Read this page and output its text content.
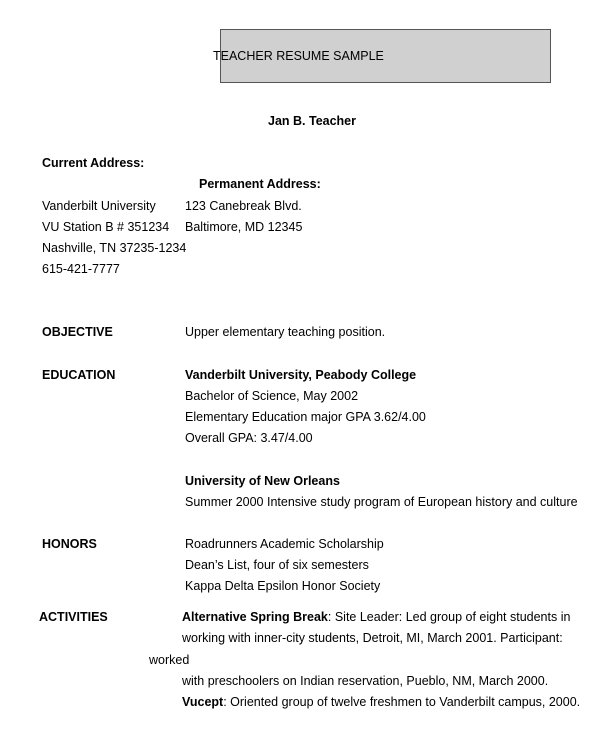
TEACHER RESUME SAMPLE
Jan B. Teacher
Current Address:
Permanent Address:
Vanderbilt University 123 Canebreak Blvd.
VU Station B # 351234 Baltimore, MD 12345
Nashville, TN 37235-1234
615-421-7777
OBJECTIVE	Upper elementary teaching position.
EDUCATION	Vanderbilt University, Peabody College
Bachelor of Science, May 2002
Elementary Education major GPA 3.62/4.00
Overall GPA: 3.47/4.00
University of New Orleans
Summer 2000 Intensive study program of European history and culture
HONORS	Roadrunners Academic Scholarship
Dean’s List, four of six semesters
Kappa Delta Epsilon Honor Society
ACTIVITIES	Alternative Spring Break: Site Leader: Led group of eight students in
working with inner-city students, Detroit, MI, March 2001. Participant:
worked
with preschoolers on Indian reservation, Pueblo, NM, March 2000.
Vucept: Oriented group of twelve freshmen to Vanderbilt campus, 2000.
